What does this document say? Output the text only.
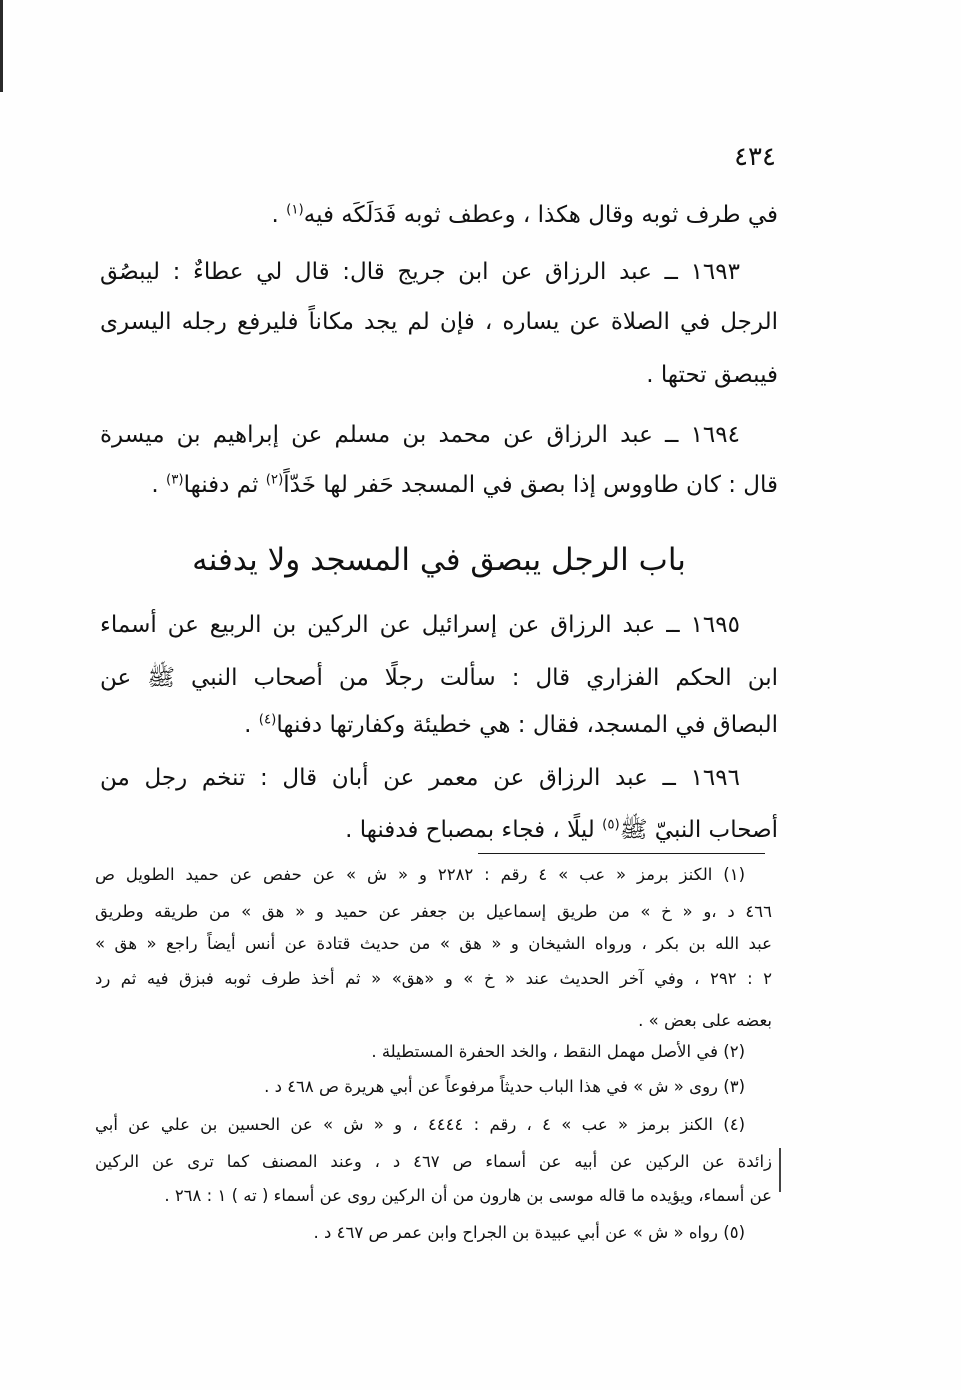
٤٣٤
في طرف ثوبه وقال هكذا ، وعطف ثوبه فَدَلَكَه فيه$^{(١)}$ .
١٦٩٣ ــ عبد الرزاق عن ابن جريج قال: قال لي عطاءٌ : ليبصُق
الرجل في الصلاة عن يساره ، فإن لم يجد مكاناً فليرفع رجله اليسرى
فيبصق تحتها .
١٦٩٤ ــ عبد الرزاق عن محمد بن مسلم عن إبراهيم بن ميسرة
قال : كان طاووس إذا بصق في المسجد حَفر لها خَدّاً$^{(٢)}$ ثم دفنها$^{(٣)}$ .
باب الرجل يبصق في المسجد ولا يدفنه
١٦٩٥ ــ عبد الرزاق عن إسرائيل عن الركين بن الربيع عن أسماء
ابن الحكم الفزاري قال : سألت رجلًا من أصحاب النبي ﷺ عن
البصاق في المسجد، فقال : هي خطيئة وكفارتها دفنها$^{(٤)}$ .
١٦٩٦ ــ عبد الرزاق عن معمر عن أبان قال : تنخم رجل من
أصحاب النبيّ ﷺ$^{(٥)}$ ليلًا ، فجاء بمصباح فدفنها .
(١) الكنز برمز « عب » ٤ رقم : ٢٢٨٢ و « ش » عن حفص عن حميد الطويل ص
٤٦٦ د ،و « خ » من طريق إسماعيل بن جعفر عن حميد و « هق » من طريقه وطريق
عبد الله بن بكر ، ورواه الشيخان و « هق » من حديث قتادة عن أنس أيضاً راجع « هق »
٢ : ٢٩٢ ، وفي آخر الحديث عند « خ » و «هق» « ثم أخذ طرف ثوبه فبزق فيه ثم رد
بعضه على بعض » .
(٢) في الأصل مهمل النقط ، والخد الحفرة المستطيلة .
(٣) روى « ش » في هذا الباب حديثاً مرفوعاً عن أبي هريرة ص ٤٦٨ د .
(٤) الكنز برمز « عب » ٤ ، رقم : ٤٤٤٤ ، و « ش » عن الحسين بن علي عن أبي
زائدة عن الركين عن أبيه عن أسماء ص ٤٦٧ د ، وعند المصنف كما ترى عن الركين
عن أسماء، ويؤيده ما قاله موسى بن هارون من أن الركين روى عن أسماء ( ته ) ١ : ٢٦٨ .
(٥) رواه « ش » عن أبي عبيدة بن الجراح وابن عمر ص ٤٦٧ د .
